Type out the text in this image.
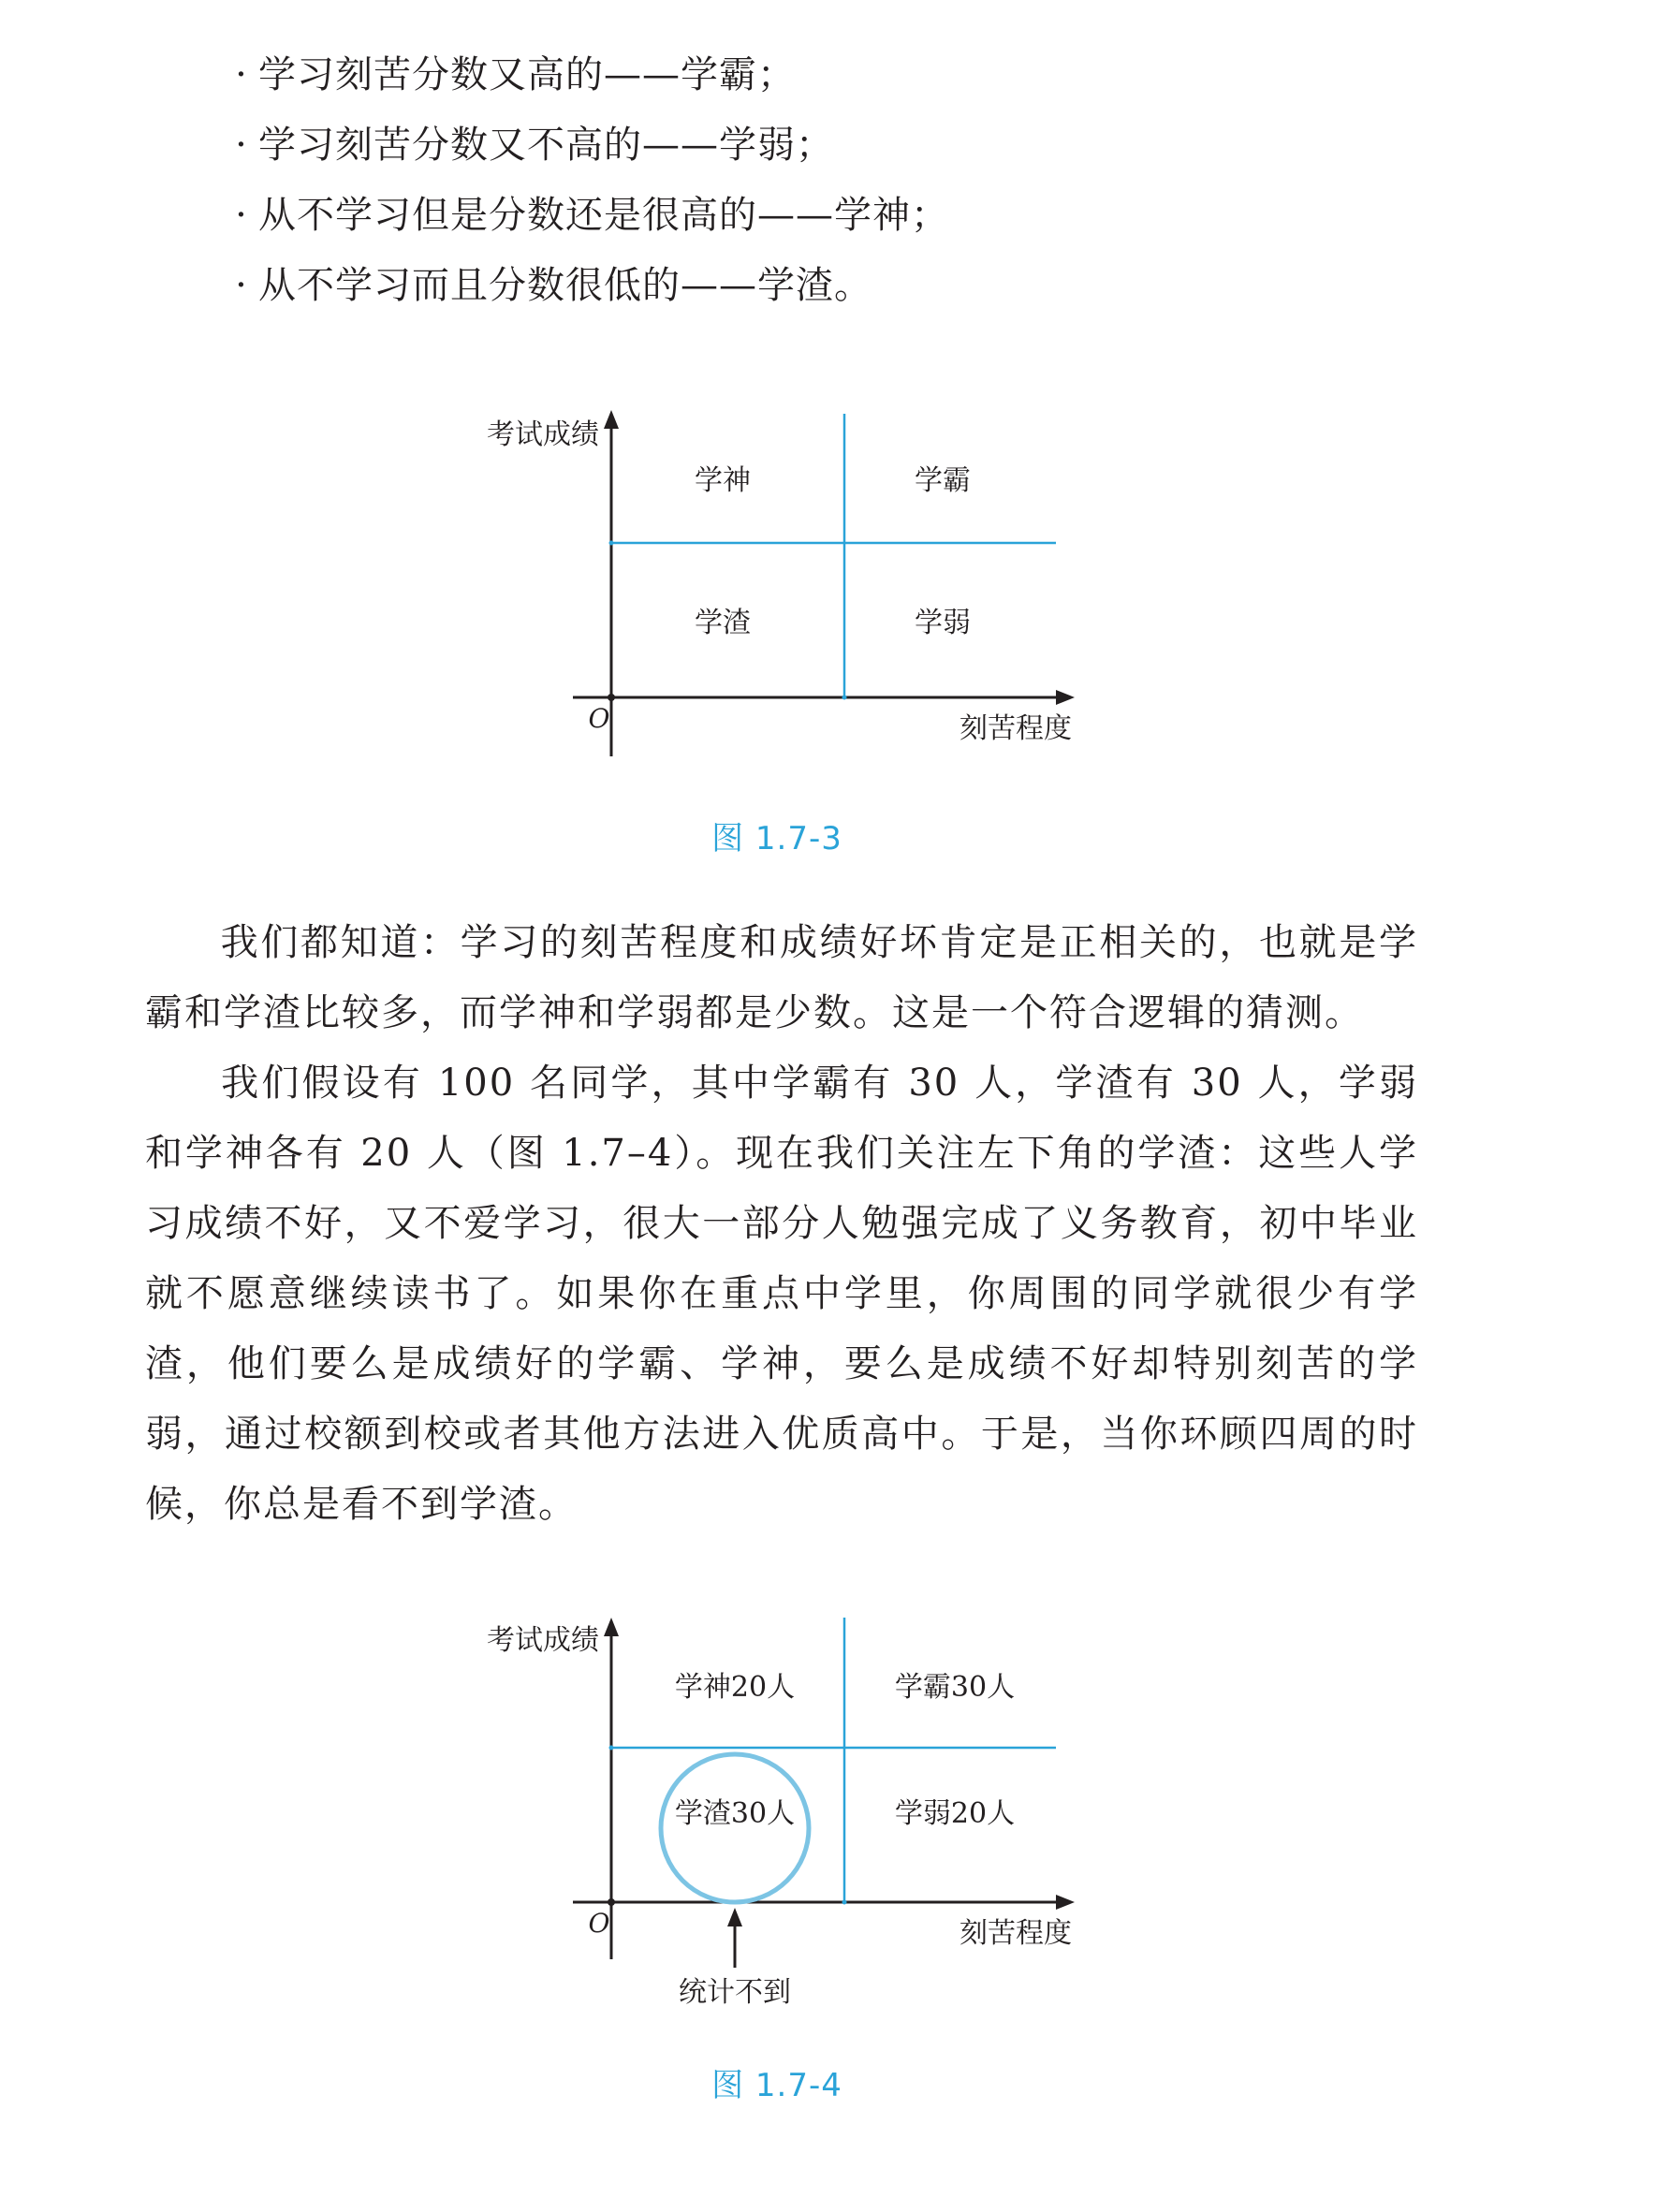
· 学习刻苦分数又高的——学霸；
· 学习刻苦分数又不高的——学弱；
· 从不学习但是分数还是很高的——学神；
· 从不学习而且分数很低的——学渣。
考试成绩
刻苦程度
O
学神	学霸
学渣	学弱
图 1.7-3

我们都知道：学习的刻苦程度和成绩好坏肯定是正相关的，也就是学霸和学渣比较多，而学神和学弱都是少数。这是一个符合逻辑的猜测。

我们假设有 100 名同学，其中学霸有 30 人，学渣有 30 人，学弱和学神各有 20 人（图 1.7–4）。现在我们关注左下角的学渣：这些人学习成绩不好，又不爱学习，很大一部分人勉强完成了义务教育，初中毕业就不愿意继续读书了。如果你在重点中学里，你周围的同学就很少有学渣，他们要么是成绩好的学霸、学神，要么是成绩不好却特别刻苦的学弱，通过校额到校或者其他方法进入优质高中。于是，当你环顾四周的时候，你总是看不到学渣。

考试成绩
刻苦程度
O
学神20人	学霸30人
学渣30人	学弱20人
统计不到
图 1.7-4
